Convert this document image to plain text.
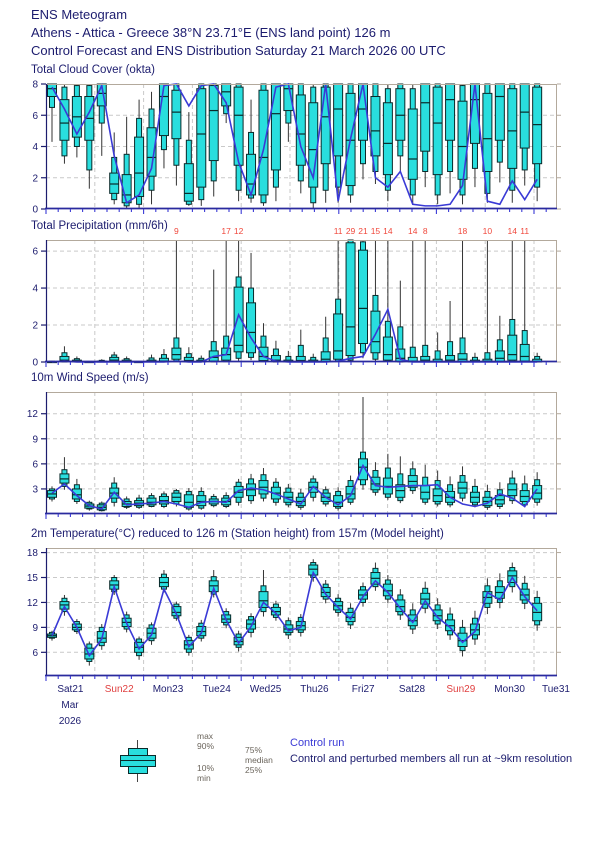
ENS Meteogram
Athens - Attica - Greece 38°N 23.71°E (ENS land point) 126 m
Control Forecast and ENS Distribution Saturday 21 March 2026 00 UTC
Total Cloud Cover (okta)
Total Precipitation (mm/6h)
10m Wind Speed (m/s)
2m Temperature(°C) reduced to 126 m (Station height) from 157m (Model height)
0
2
4
6
8
0
2
4
6
3
6
9
12
6
9
12
15
18
9	17 12	11 29 21 15 14 14 8	18 10 14 11
Sat21 Sun22 Mon23 Tue24 Wed25 Thu26 Fri27 Sat28 Sun29 Mon30 Tue31
Mar
2026
max
90%	75%
median
25%
10%
min
Control run
Control and perturbed members all run at ~9km resolution
